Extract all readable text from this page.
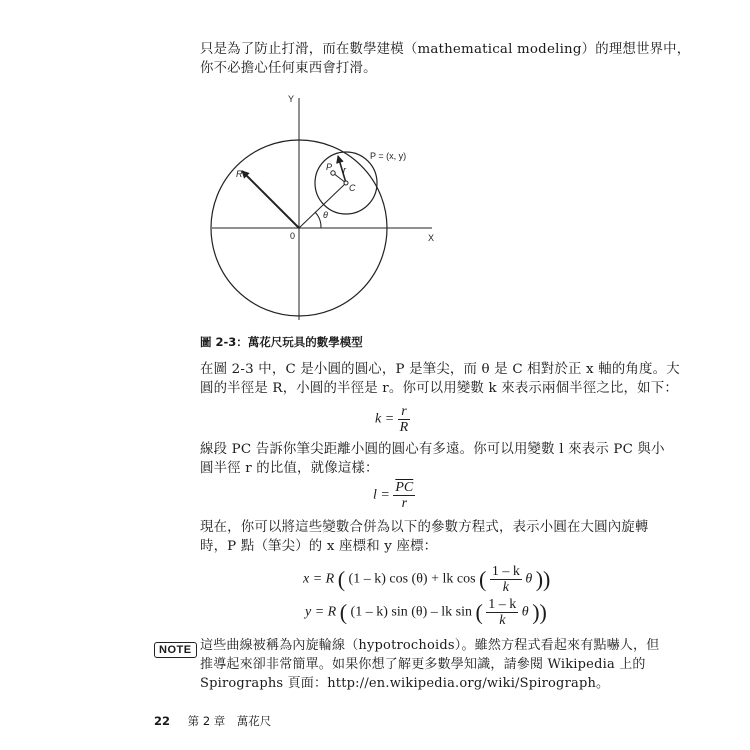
只是為了防止打滑，而在數學建模（mathematical modeling）的理想世界中，
你不必擔心任何東西會打滑。
Y
X
0
R	r
P
C
θ
P = (x, y)
圖 2-3：萬花尺玩具的數學模型
在圖 2-3 中，C 是小圓的圓心，P 是筆尖，而 θ 是 C 相對於正 x 軸的角度。大
圓的半徑是 R，小圓的半徑是 r。你可以用變數 k 來表示兩個半徑之比，如下：
$k = \frac{r}{R}$
線段 PC 告訴你筆尖距離小圓的圓心有多遠。你可以用變數 l 來表示 PC 與小
圓半徑 r 的比值，就像這樣：
$l = \frac{\overline{PC}}{r}$
現在，你可以將這些變數合併為以下的參數方程式，表示小圓在大圓內旋轉
時，P 點（筆尖）的 x 座標和 y 座標：
x = R ( (1 – k) cos (θ) + lk cos ( $\frac{1 - k}{k}$ θ ))
y = R ( (1 – k) sin (θ) – lk sin ( $\frac{1 - k}{k}$ θ ))
NOTE 這些曲線被稱為內旋輪線（hypotrochoids）。雖然方程式看起來有點嚇人，但
推導起來卻非常簡單。如果你想了解更多數學知識，請參閱 Wikipedia 上的
Spirographs 頁面：http://en.wikipedia.org/wiki/Spirograph。
22 第 2 章　萬花尺
